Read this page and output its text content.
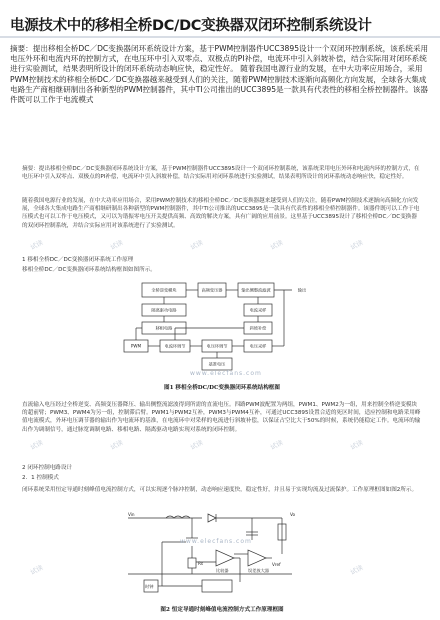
电源技术中的移相全桥DC/DC变换器双闭环控制系统设计
摘要：提出移相全桥DC／DC变换器闭环系统设计方案，基于PWM控制器件UCC3895设计一个双闭环控制系统，该系统采用电压外环和电流内环的控制方式，在电压环中引入双零点、双极点的PI补偿，电流环中引入斜坡补偿，结合实际用对闭环系统进行实验测试，结果表明所设计的闭环系统动态响应快，稳定性好。 随着我国电源行业的发展，在中大功率应用场合，采用PWM控制技术的移相全桥DC／DC变换器越来越受到人们的关注，随着PWM控制技术逐渐向高频化方向发展，全球各大集成电路生产商相继研制出各种新型的PWM控制器件，其中TI公司推出的UCC3895是一款具有代表性的移相全桥控制器件。该器件既可以工作于电流模式
摘要：提出移相全桥DC／DC变换器闭环系统设计方案，基于PWM控制器件UCC3895设计一个双闭环控制系统，该系统采用电压外环和电流内环的控制方式，在电压环中引入双零点、双极点的PI补偿，电流环中引入斜坡补偿，结合实际用对闭环系统进行实验测试，结果表明所设计的闭环系统动态响应快，稳定性好。
随着我国电源行业的发展，在中大功率应用场合，采用PWM控制技术的移相全桥DC／DC变换器越来越受到人们的关注，随着PWM控制技术逐渐向高频化方向发展，全球各大集成电路生产商相继研制出各种新型的PWM控制器件，其中TI公司推出的UCC3895是一款具有代表性的移相全桥控制器件。该器件既可以工作于电压模式也可以工作于电压模式，又可以为谐振零电压开关提供高频、高效的解决方案，具有广阔的应用前景。这里基于UCC3895设计了移相全桥DC／DC变换器的双闭环控制系统，并结合实际应用对该系统进行了实验测试。
1 移相全桥DC／DC变换器闭环系统工作原理
移相全桥DC／DC变换器闭环系统结构框图如图所示。
全桥逆变模块	高频变压器	输出侧整流滤波	输出
隔离驱动电路
移相电路
PWM	电流环调节	电压环调节	电压采样
基准电压
电流采样
斜坡补偿
www.elecfans.com
图1 移相全桥DC/DC变换器闭环系统结构框图
直流输入电压经过全桥逆变、高频变压器降压、输出侧整流滤波得到所需的直流电压。四路PWM波配置为两组，PWM1、PWM2为一组，用来控制全桥逆变模块的超前臂；PWM3、PWM4为另一组，控制滞后臂。PWM1与PWM2互补，PWM3与PWM4互补，可通过UCC3895设置合适的死区时间，适应控制和电路采用峰值电流模式，外环电压调节器的输出作为电流环的基准，在电流环中对采样的电流进行斜坡补偿，以保证占空比大于50%的时候，系统仍能稳定工作。电流环的输出作为调制信号，通过脉宽调制电路、移相电路、隔离驱动电路实现对系统的闭环控制。
2 闭环控制电路设计
2．1 控制模式
闭环系统采用恒定导通时刻峰值电流控制方式，可以实现逐个脉冲控制，动态响应速度快，稳定性好，并且易于实现均流及过流保护。工作原理框图如图2所示。
Vin	Vo
Rs
比较器	误差放大器
时钟
Vref
www.elecfans.com
图2 恒定导通时刻峰值电流控制方式工作原理框图
试读	试读	试读	试读	试读
试读	试读	试读	试读	试读
试读	试读
